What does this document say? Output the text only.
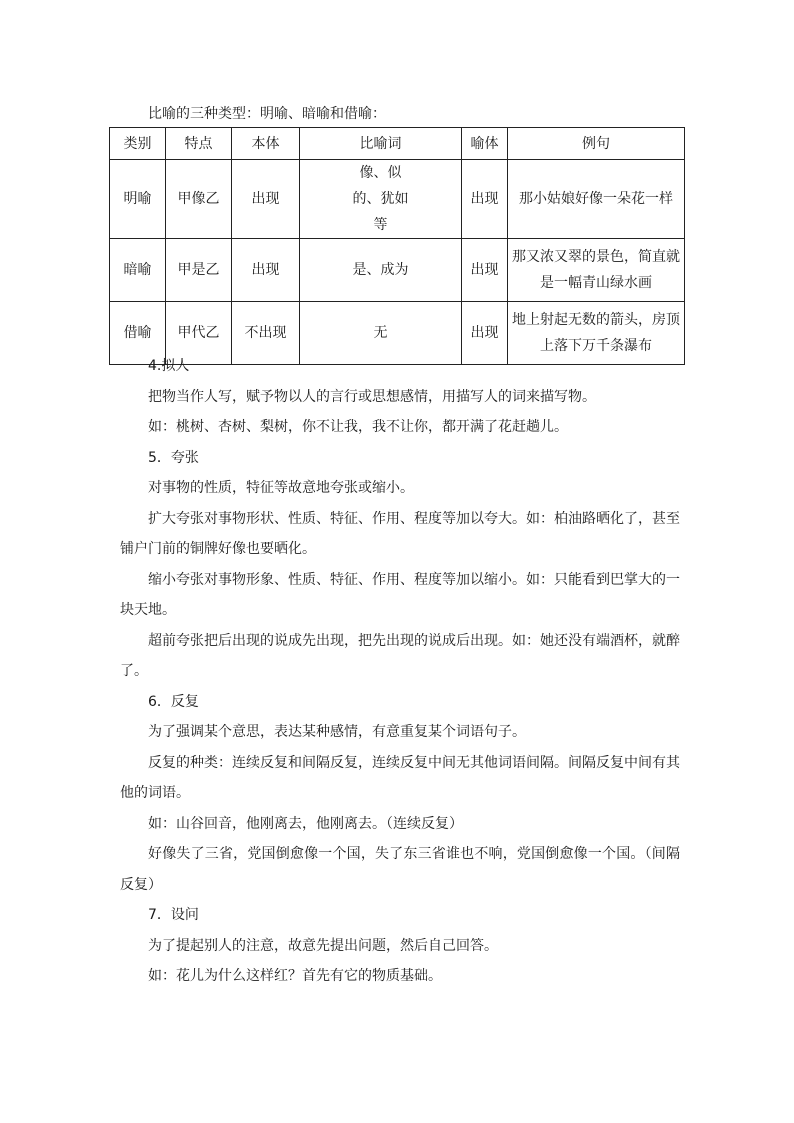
比喻的三种类型：明喻、暗喻和借喻：
类别	特点	本体	比喻词	喻体	例句
明喻	甲像乙	出现	像、似的、犹如等	出现	那小姑娘好像一朵花一样
暗喻	甲是乙	出现	是、成为	出现	那又浓又翠的景色，简直就是一幅青山绿水画
借喻	甲代乙	不出现	无	出现	地上射起无数的箭头，房顶上落下万千条瀑布

4.拟人

把物当作人写，赋予物以人的言行或思想感情，用描写人的词来描写物。

如：桃树、杏树、梨树，你不让我，我不让你，都开满了花赶趟儿。

5．夸张

对事物的性质，特征等故意地夸张或缩小。

扩大夸张对事物形状、性质、特征、作用、程度等加以夸大。如：柏油路晒化了，甚至铺户门前的铜牌好像也要晒化。

缩小夸张对事物形象、性质、特征、作用、程度等加以缩小。如：只能看到巴掌大的一块天地。

超前夸张把后出现的说成先出现，把先出现的说成后出现。如：她还没有端酒杯，就醉了。

6．反复

为了强调某个意思，表达某种感情，有意重复某个词语句子。

反复的种类：连续反复和间隔反复，连续反复中间无其他词语间隔。间隔反复中间有其他的词语。

如：山谷回音，他刚离去，他刚离去。（连续反复）

好像失了三省，党国倒愈像一个国，失了东三省谁也不响，党国倒愈像一个国。（间隔反复）

7．设问

为了提起别人的注意，故意先提出问题，然后自己回答。

如：花儿为什么这样红？首先有它的物质基础。
